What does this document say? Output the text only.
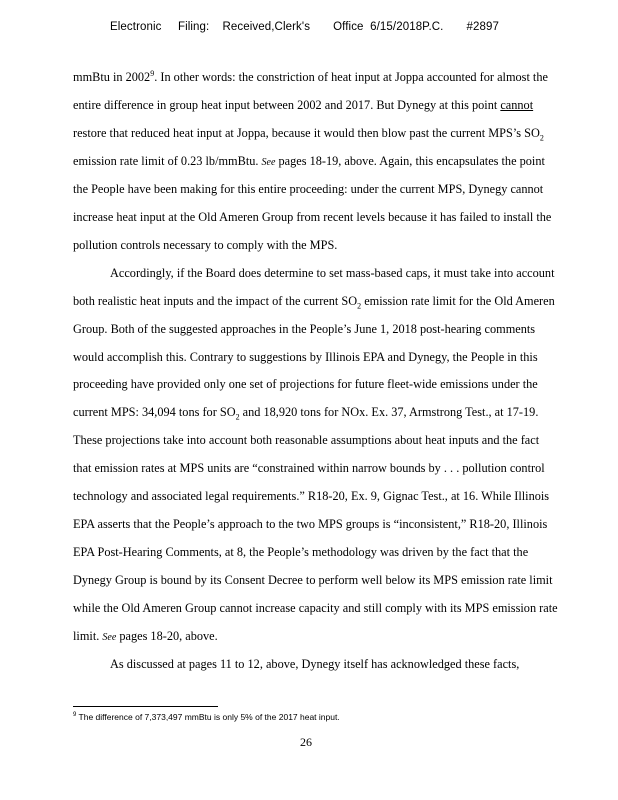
Electronic     Filing:    Received,Clerk's       Office  6/15/2018P.C.       #2897
mmBtu in 2002$^9$. In other words: the constriction of heat input at Joppa accounted for almost the
entire difference in group heat input between 2002 and 2017. But Dynegy at this point cannot
restore that reduced heat input at Joppa, because it would then blow past the current MPS’s $SO_2$
emission rate limit of 0.23 lb/mmBtu. See pages 18-19, above. Again, this encapsulates the point
the People have been making for this entire proceeding: under the current MPS, Dynegy cannot
increase heat input at the Old Ameren Group from recent levels because it has failed to install the
pollution controls necessary to comply with the MPS.
Accordingly, if the Board does determine to set mass-based caps, it must take into account
both realistic heat inputs and the impact of the current $SO_2$ emission rate limit for the Old Ameren
Group. Both of the suggested approaches in the People’s June 1, 2018 post-hearing comments
would accomplish this. Contrary to suggestions by Illinois EPA and Dynegy, the People in this
proceeding have provided only one set of projections for future fleet-wide emissions under the
current MPS: 34,094 tons for $SO_2$ and 18,920 tons for NOx. Ex. 37, Armstrong Test., at 17-19.
These projections take into account both reasonable assumptions about heat inputs and the fact
that emission rates at MPS units are “constrained within narrow bounds by . . . pollution control
technology and associated legal requirements.” R18-20, Ex. 9, Gignac Test., at 16. While Illinois
EPA asserts that the People’s approach to the two MPS groups is “inconsistent,” R18-20, Illinois
EPA Post-Hearing Comments, at 8, the People’s methodology was driven by the fact that the
Dynegy Group is bound by its Consent Decree to perform well below its MPS emission rate limit
while the Old Ameren Group cannot increase capacity and still comply with its MPS emission rate
limit. See pages 18-20, above.
As discussed at pages 11 to 12, above, Dynegy itself has acknowledged these facts,
$^9$ The difference of 7,373,497 mmBtu is only 5% of the 2017 heat input.
26
